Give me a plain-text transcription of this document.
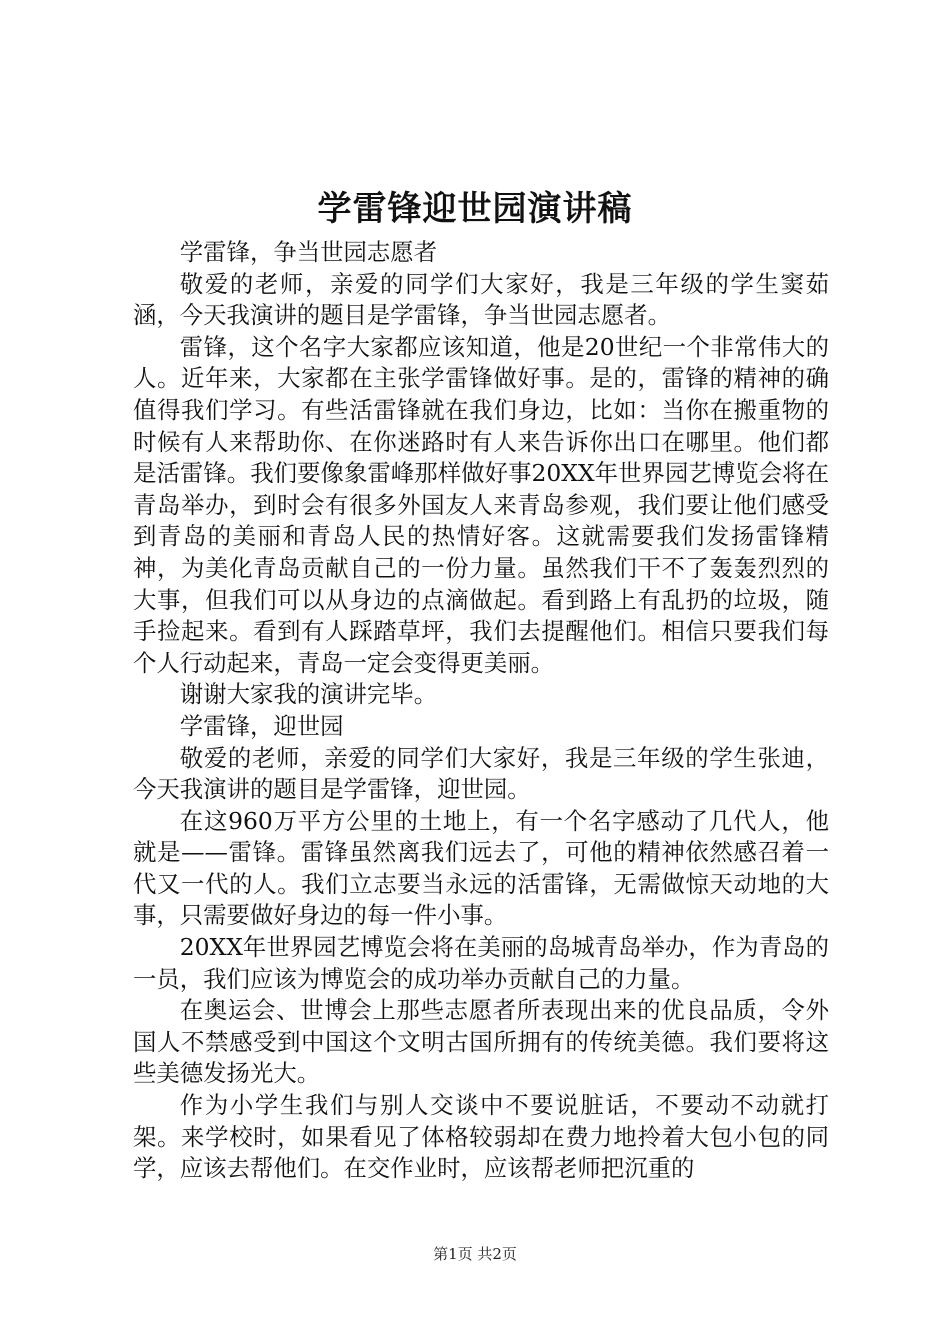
学雷锋迎世园演讲稿

学雷锋，争当世园志愿者

敬爱的老师，亲爱的同学们大家好，我是三年级的学生窦茹涵，今天我演讲的题目是学雷锋，争当世园志愿者。

雷锋，这个名字大家都应该知道，他是20世纪一个非常伟大的人。近年来，大家都在主张学雷锋做好事。是的，雷锋的精神的确值得我们学习。有些活雷锋就在我们身边，比如：当你在搬重物的时候有人来帮助你、在你迷路时有人来告诉你出口在哪里。他们都是活雷锋。我们要像象雷峰那样做好事20XX年世界园艺博览会将在青岛举办，到时会有很多外国友人来青岛参观，我们要让他们感受到青岛的美丽和青岛人民的热情好客。这就需要我们发扬雷锋精神，为美化青岛贡献自己的一份力量。虽然我们干不了轰轰烈烈的大事，但我们可以从身边的点滴做起。看到路上有乱扔的垃圾，随手捡起来。看到有人踩踏草坪，我们去提醒他们。相信只要我们每个人行动起来，青岛一定会变得更美丽。

谢谢大家我的演讲完毕。

学雷锋，迎世园

敬爱的老师，亲爱的同学们大家好，我是三年级的学生张迪，今天我演讲的题目是学雷锋，迎世园。

在这960万平方公里的土地上，有一个名字感动了几代人，他就是——雷锋。雷锋虽然离我们远去了，可他的精神依然感召着一代又一代的人。我们立志要当永远的活雷锋，无需做惊天动地的大事，只需要做好身边的每一件小事。

20XX年世界园艺博览会将在美丽的岛城青岛举办，作为青岛的一员，我们应该为博览会的成功举办贡献自己的力量。

在奥运会、世博会上那些志愿者所表现出来的优良品质，令外国人不禁感受到中国这个文明古国所拥有的传统美德。我们要将这些美德发扬光大。

作为小学生我们与别人交谈中不要说脏话，不要动不动就打架。来学校时，如果看见了体格较弱却在费力地拎着大包小包的同学，应该去帮他们。在交作业时，应该帮老师把沉重的

第1页 共2页
